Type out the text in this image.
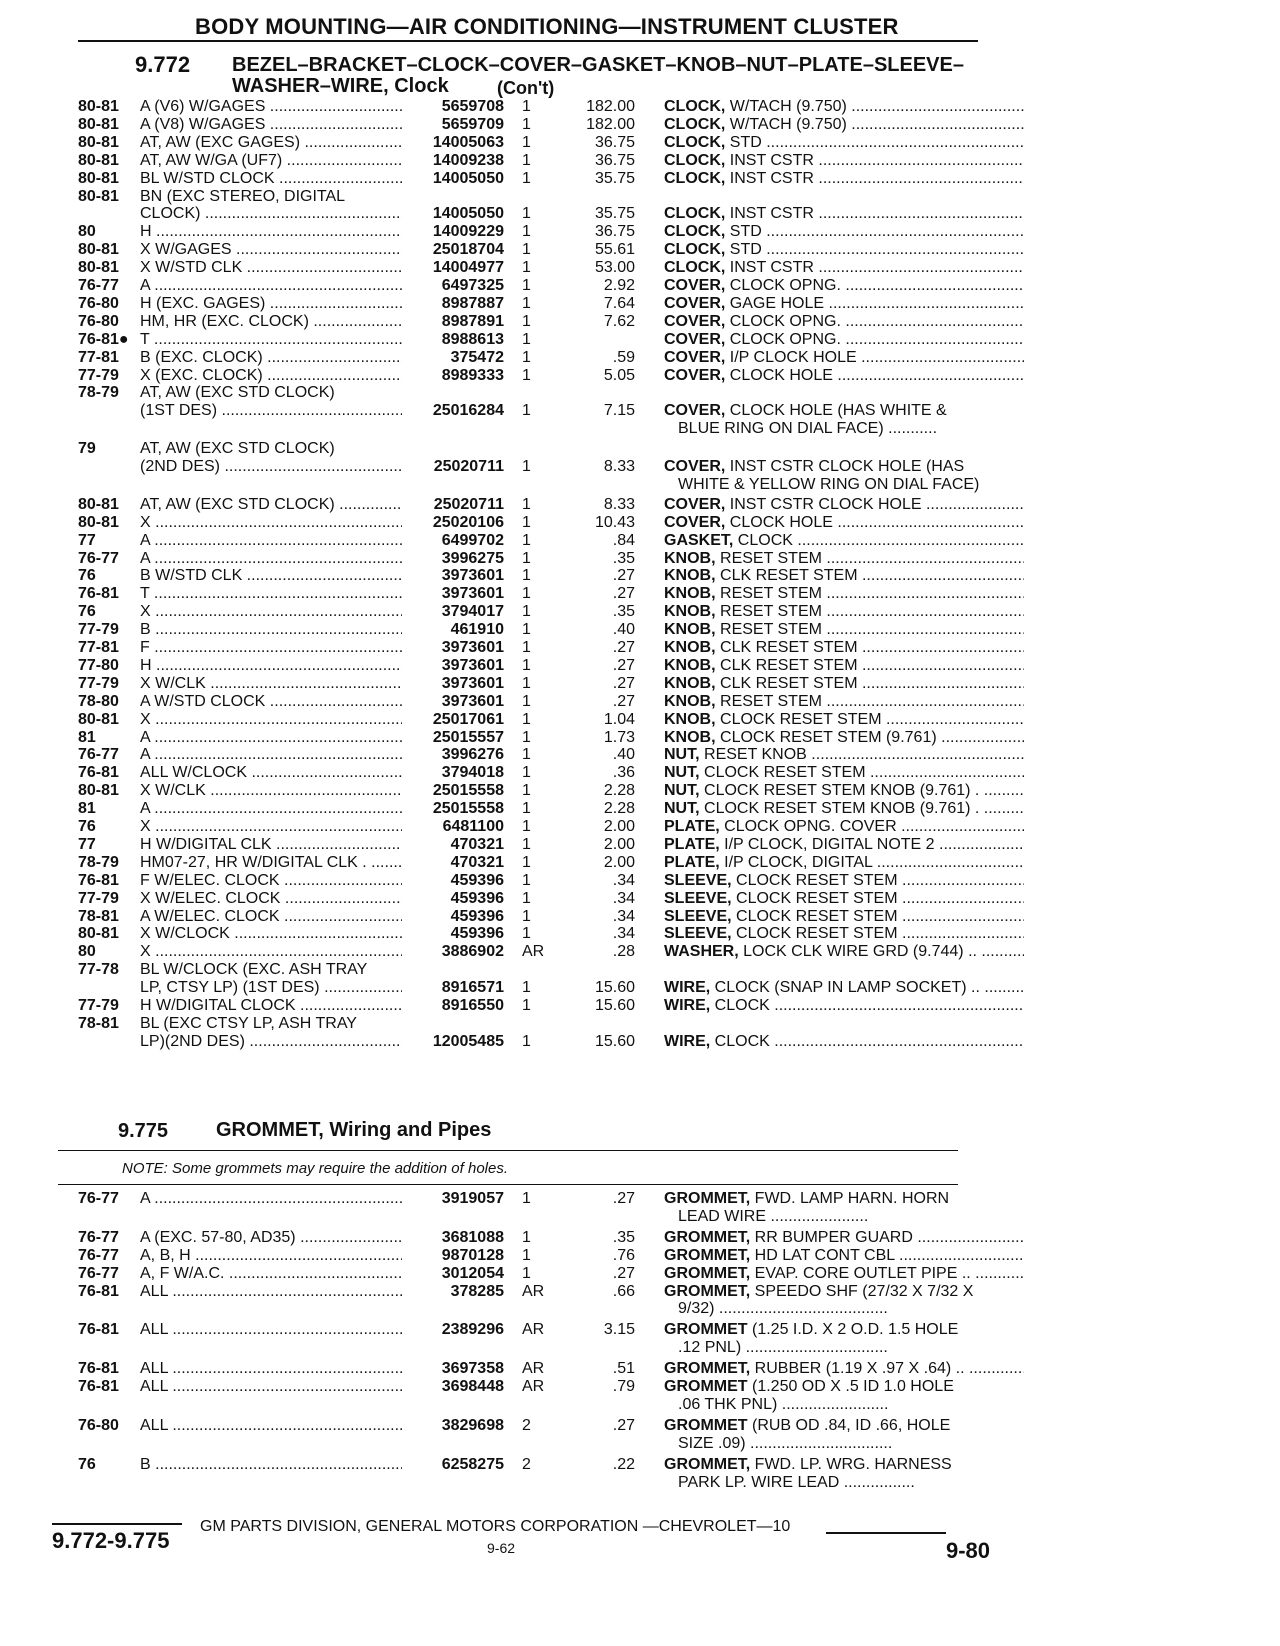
BODY MOUNTING—AIR CONDITIONING—INSTRUMENT CLUSTER
9.772 BEZEL–BRACKET–CLOCK–COVER–GASKET–KNOB–NUT–PLATE–SLEEVE–
WASHER–WIRE, Clock	(Con't)
80-81 A (V6) W/GAGES .....	5659708 1	182.00 CLOCK, W/TACH (9.750) .....
80-81 A (V8) W/GAGES .....	5659709 1	182.00 CLOCK, W/TACH (9.750) .....
80-81 AT, AW (EXC GAGES) .....	14005063 1	36.75 CLOCK, STD .....
80-81 AT, AW W/GA (UF7) .....	14009238 1	36.75 CLOCK, INST CSTR .....
80-81 BL W/STD CLOCK .....	14005050 1	35.75 CLOCK, INST CSTR .....
80-81 BN (EXC STEREO, DIGITAL
CLOCK) .....	14005050 1	35.75 CLOCK, INST CSTR .....
80	H .....	14009229 1	36.75 CLOCK, STD .....
80-81 X W/GAGES .....	25018704 1	55.61 CLOCK, STD .....
80-81 X W/STD CLK .....	14004977 1	53.00 CLOCK, INST CSTR .....
76-77 A .....	6497325 1	2.92 COVER, CLOCK OPNG. .....
76-80 H (EXC. GAGES) .....	8987887 1	7.64 COVER, GAGE HOLE .....
76-80 HM, HR (EXC. CLOCK) .....	8987891 1	7.62 COVER, CLOCK OPNG. .....
76-81● T .....	8988613 1	COVER, CLOCK OPNG. .....
77-81 B (EXC. CLOCK) .....	375472 1	.59 COVER, I/P CLOCK HOLE .....
77-79 X (EXC. CLOCK) .....	8989333 1	5.05 COVER, CLOCK HOLE .....
78-79 AT, AW (EXC STD CLOCK)
(1ST DES) .....	25016284 1	7.15 COVER, CLOCK HOLE (HAS WHITE &
BLUE RING ON DIAL FACE) ...........
79	AT, AW (EXC STD CLOCK)
(2ND DES) .....	25020711 1	8.33 COVER, INST CSTR CLOCK HOLE (HAS
WHITE & YELLOW RING ON DIAL FACE)
80-81 AT, AW (EXC STD CLOCK) .....	25020711 1	8.33 COVER, INST CSTR CLOCK HOLE .....
80-81 X .....	25020106 1	10.43 COVER, CLOCK HOLE .....
77	A .....	6499702 1	.84 GASKET, CLOCK .....
76-77 A .....	3996275 1	.35 KNOB, RESET STEM .....
76	B W/STD CLK .....	3973601 1	.27 KNOB, CLK RESET STEM .....
76-81 T .....	3973601 1	.27 KNOB, RESET STEM .....
76	X .....	3794017 1	.35 KNOB, RESET STEM .....
77-79 B .....	461910 1	.40 KNOB, RESET STEM .....
77-81 F .....	3973601 1	.27 KNOB, CLK RESET STEM .....
77-80 H .....	3973601 1	.27 KNOB, CLK RESET STEM .....
77-79 X W/CLK .....	3973601 1	.27 KNOB, CLK RESET STEM .....
78-80 A W/STD CLOCK .....	3973601 1	.27 KNOB, RESET STEM .....
80-81 X .....	25017061 1	1.04 KNOB, CLOCK RESET STEM .....
81	A .....	25015557 1	1.73 KNOB, CLOCK RESET STEM (9.761) .....
76-77 A .....	3996276 1	.40 NUT, RESET KNOB .....
76-81 ALL W/CLOCK .....	3794018 1	.36 NUT, CLOCK RESET STEM .....
80-81 X W/CLK .....	25015558 1	2.28 NUT, CLOCK RESET STEM KNOB (9.761) . .....
81	A .....	25015558 1	2.28 NUT, CLOCK RESET STEM KNOB (9.761) . .....
76	X .....	6481100 1	2.00 PLATE, CLOCK OPNG. COVER .....
77	H W/DIGITAL CLK .....	470321 1	2.00 PLATE, I/P CLOCK, DIGITAL NOTE 2 .....
78-79 HM07-27, HR W/DIGITAL CLK . .....	470321 1	2.00 PLATE, I/P CLOCK, DIGITAL .....
76-81 F W/ELEC. CLOCK .....	459396 1	.34 SLEEVE, CLOCK RESET STEM .....
77-79 X W/ELEC. CLOCK .....	459396 1	.34 SLEEVE, CLOCK RESET STEM .....
78-81 A W/ELEC. CLOCK .....	459396 1	.34 SLEEVE, CLOCK RESET STEM .....
80-81 X W/CLOCK .....	459396 1	.34 SLEEVE, CLOCK RESET STEM .....
80	X .....	3886902 AR	.28 WASHER, LOCK CLK WIRE GRD (9.744) .. .....
77-78 BL W/CLOCK (EXC. ASH TRAY
LP, CTSY LP) (1ST DES) .....	8916571 1	15.60 WIRE, CLOCK (SNAP IN LAMP SOCKET) .. .....
77-79 H W/DIGITAL CLOCK .....	8916550 1	15.60 WIRE, CLOCK .....
78-81 BL (EXC CTSY LP, ASH TRAY
LP)(2ND DES) .....	12005485 1	15.60 WIRE, CLOCK .....
9.775 GROMMET, Wiring and Pipes
NOTE: Some grommets may require the addition of holes.
76-77 A .....	3919057 1	.27 GROMMET, FWD. LAMP HARN. HORN
LEAD WIRE ......................
76-77 A (EXC. 57-80, AD35) .....	3681088 1	.35 GROMMET, RR BUMPER GUARD .....
76-77 A, B, H .....	9870128 1	.76 GROMMET, HD LAT CONT CBL .....
76-77 A, F W/A.C. .....	3012054 1	.27 GROMMET, EVAP. CORE OUTLET PIPE .. .....
76-81 ALL .....	378285 AR	.66 GROMMET, SPEEDO SHF (27/32 X 7/32 X
9/32) ......................................
76-81 ALL .....	2389296 AR	3.15 GROMMET (1.25 I.D. X 2 O.D. 1.5 HOLE
.12 PNL) ................................
76-81 ALL .....	3697358 AR	.51 GROMMET, RUBBER (1.19 X .97 X .64) .. .....
76-81 ALL .....	3698448 AR	.79 GROMMET (1.250 OD X .5 ID 1.0 HOLE
.06 THK PNL) ........................
76-80 ALL .....	3829698 2	.27 GROMMET (RUB OD .84, ID .66, HOLE
SIZE .09) ................................
76	B .....	6258275 2	.22 GROMMET, FWD. LP. WRG. HARNESS
PARK LP. WIRE LEAD ................
9.772-9.775
GM PARTS DIVISION, GENERAL MOTORS CORPORATION —CHEVROLET—10
9-62	9-80
